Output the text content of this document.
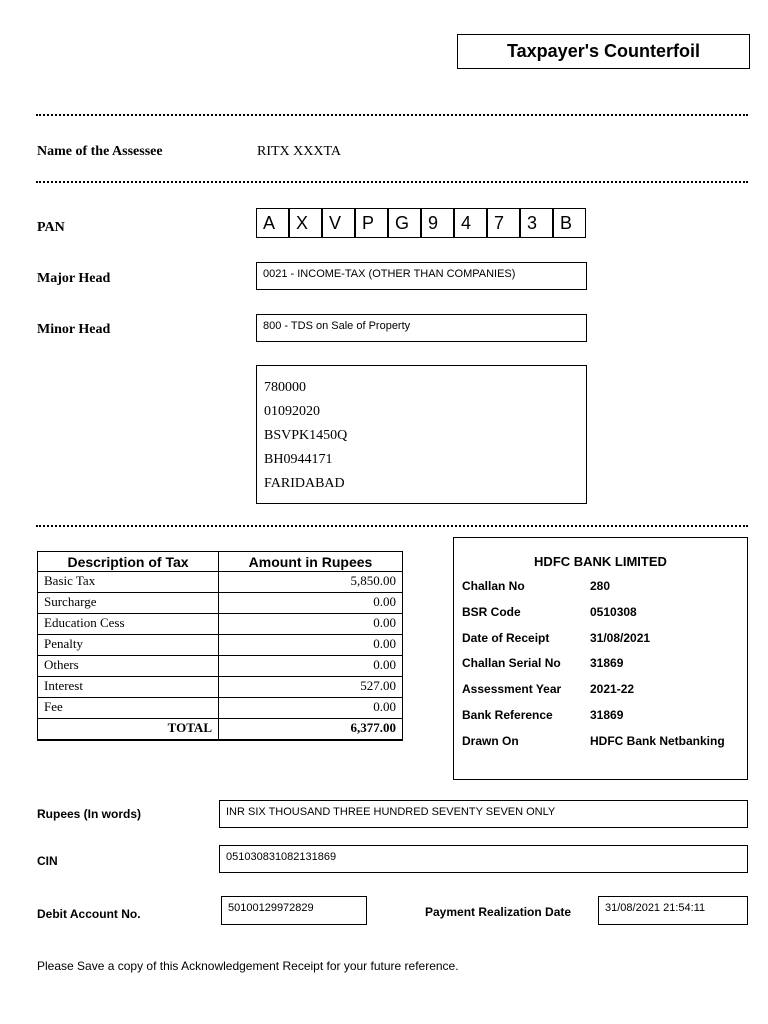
Taxpayer's Counterfoil
Name of the Assessee	RITX XXXTA
PAN	A	X	V	P	G	9	4	7	3	B
Major Head	0021 - INCOME-TAX (OTHER THAN COMPANIES)
Minor Head	800 - TDS on Sale of Property
780000
01092020
BSVPK1450Q
BH0944171
FARIDABAD
Description of Tax	Amount in Rupees
Basic Tax	5,850.00
Surcharge	0.00
Education Cess	0.00
Penalty	0.00
Others	0.00
Interest	527.00
Fee	0.00
TOTAL	6,377.00
HDFC BANK LIMITED
Challan No	280
BSR Code	0510308
Date of Receipt	31/08/2021
Challan Serial No 31869
Assessment Year 2021-22
Bank Reference	31869
Drawn On	HDFC Bank Netbanking
Rupees (In words)	INR SIX THOUSAND THREE HUNDRED SEVENTY SEVEN ONLY
CIN	051030831082131869
Debit Account No.	50100129972829	Payment Realization Date	31/08/2021 21:54:11
Please Save a copy of this Acknowledgement Receipt for your future reference.
